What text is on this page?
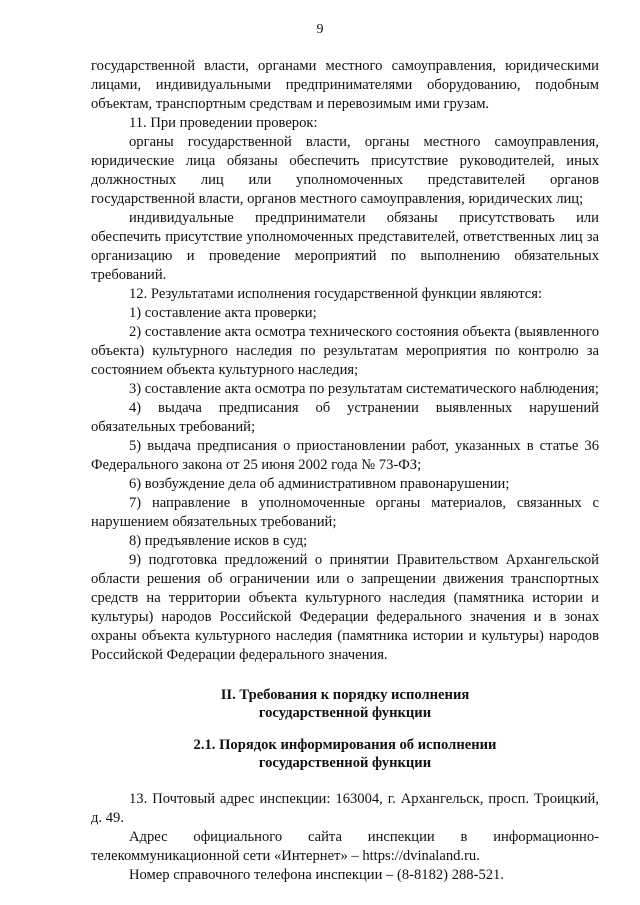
9

государственной власти, органами местного самоуправления, юридическими лицами, индивидуальными предпринимателями оборудованию, подобным объектам, транспортным средствам и перевозимым ими грузам.

11. При проведении проверок:

органы государственной власти, органы местного самоуправления, юридические лица обязаны обеспечить присутствие руководителей, иных должностных лиц или уполномоченных представителей органов государственной власти, органов местного самоуправления, юридических лиц;

индивидуальные предприниматели обязаны присутствовать или обеспечить присутствие уполномоченных представителей, ответственных лиц за организацию и проведение мероприятий по выполнению обязательных требований.

12. Результатами исполнения государственной функции являются:

1) составление акта проверки;

2) составление акта осмотра технического состояния объекта (выявленного объекта) культурного наследия по результатам мероприятия по контролю за состоянием объекта культурного наследия;

3) составление акта осмотра по результатам систематического наблюдения;

4) выдача предписания об устранении выявленных нарушений обязательных требований;

5) выдача предписания о приостановлении работ, указанных в статье 36 Федерального закона от 25 июня 2002 года № 73-ФЗ;

6) возбуждение дела об административном правонарушении;

7) направление в уполномоченные органы материалов, связанных с нарушением обязательных требований;

8) предъявление исков в суд;

9) подготовка предложений о принятии Правительством Архангельской области решения об ограничении или о запрещении движения транспортных средств на территории объекта культурного наследия (памятника истории и культуры) народов Российской Федерации федерального значения и в зонах охраны объекта культурного наследия (памятника истории и культуры) народов Российской Федерации федерального значения.

II. Требования к порядку исполнения

государственной функции

2.1. Порядок информирования об исполнении

государственной функции

13. Почтовый адрес инспекции: 163004, г. Архангельск, просп. Троицкий, д. 49.

Адрес официального сайта инспекции в информационно-телекоммуникационной сети «Интернет» – https://dvinaland.ru.

Номер справочного телефона инспекции – (8-8182) 288-521.
